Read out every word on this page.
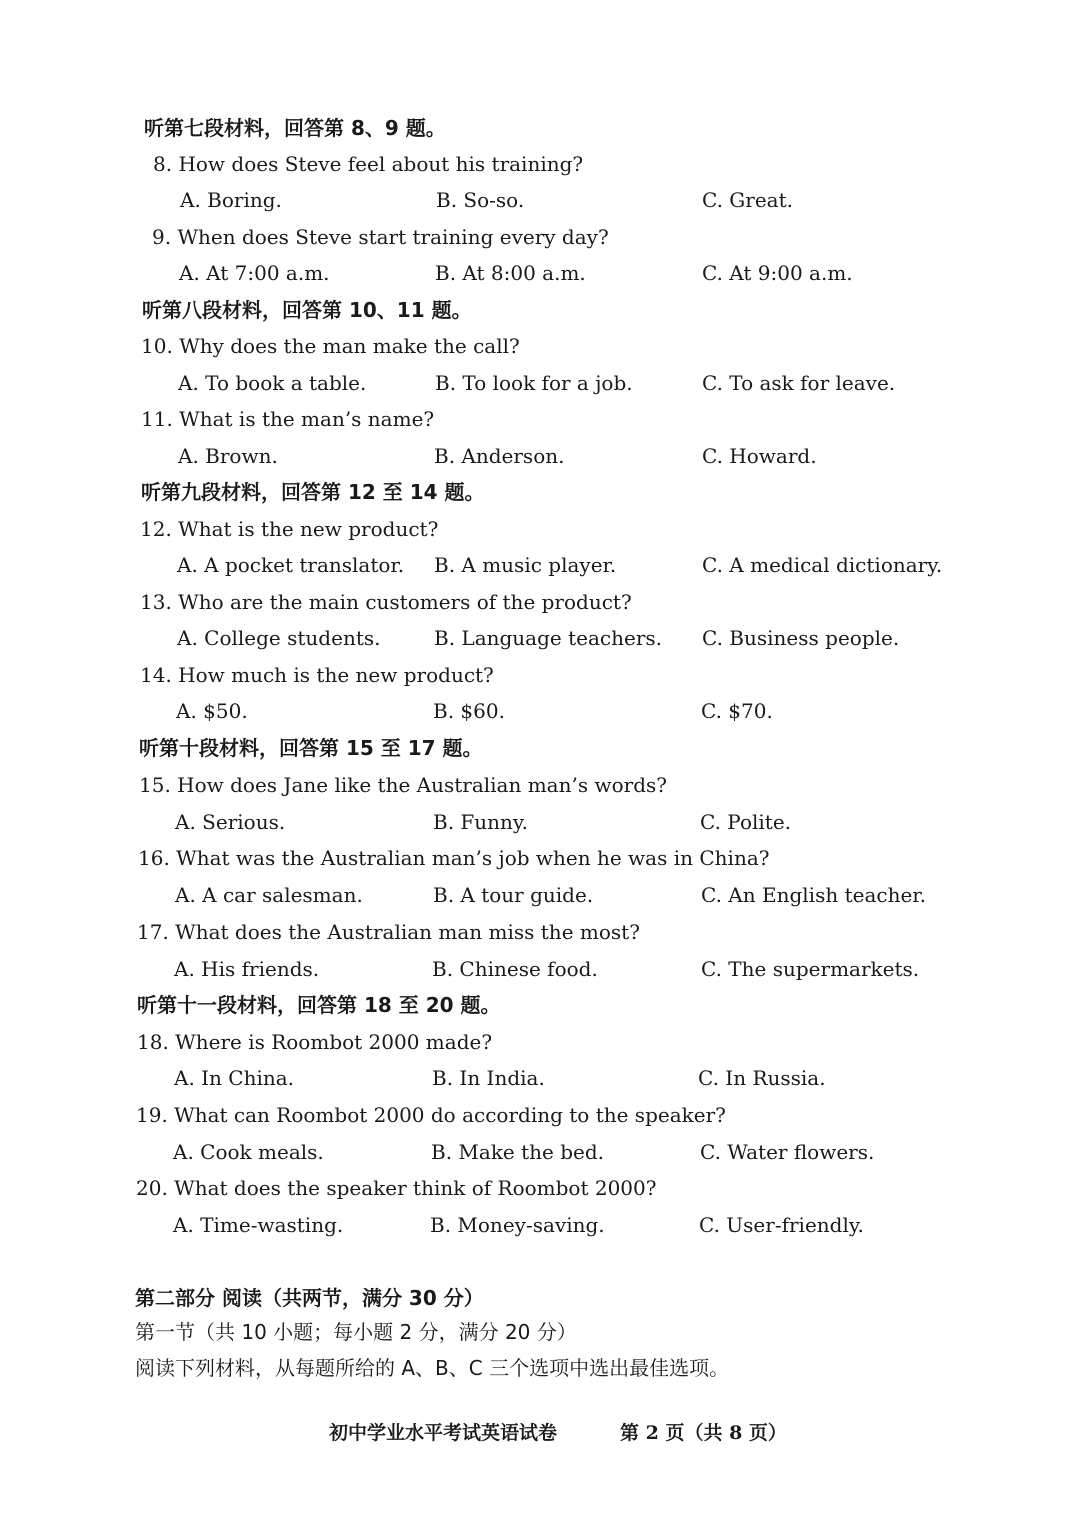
听第七段材料，回答第 8、9 题。
8. How does Steve feel about his training?
A. Boring.	B. So-so.	C. Great.
9. When does Steve start training every day?
A. At 7:00 a.m.	B. At 8:00 a.m.	C. At 9:00 a.m.
听第八段材料，回答第 10、11 题。
10. Why does the man make the call?
A. To book a table.	B. To look for a job.	C. To ask for leave.
11. What is the man’s name?
A. Brown.	B. Anderson.	C. Howard.
听第九段材料，回答第 12 至 14 题。
12. What is the new product?
A. A pocket translator. B. A music player.	C. A medical dictionary.
13. Who are the main customers of the product?
A. College students.	B. Language teachers. C. Business people.
14. How much is the new product?
A. $50.	B. $60.	C. $70.
听第十段材料，回答第 15 至 17 题。
15. How does Jane like the Australian man’s words?
A. Serious.	B. Funny.	C. Polite.
16. What was the Australian man’s job when he was in China?
A. A car salesman.	B. A tour guide.	C. An English teacher.
17. What does the Australian man miss the most?
A. His friends.	B. Chinese food.	C. The supermarkets.
听第十一段材料，回答第 18 至 20 题。
18. Where is Roombot 2000 made?
A. In China.	B. In India.	C. In Russia.
19. What can Roombot 2000 do according to the speaker?
A. Cook meals.	B. Make the bed.	C. Water flowers.
20. What does the speaker think of Roombot 2000?
A. Time-wasting.	B. Money-saving.	C. User-friendly.
第二部分 阅读（共两节，满分 30 分）
第一节（共 10 小题；每小题 2 分，满分 20 分）
阅读下列材料，从每题所给的 A、B、C 三个选项中选出最佳选项。
初中学业水平考试英语试卷	第 2 页（共 8 页）
